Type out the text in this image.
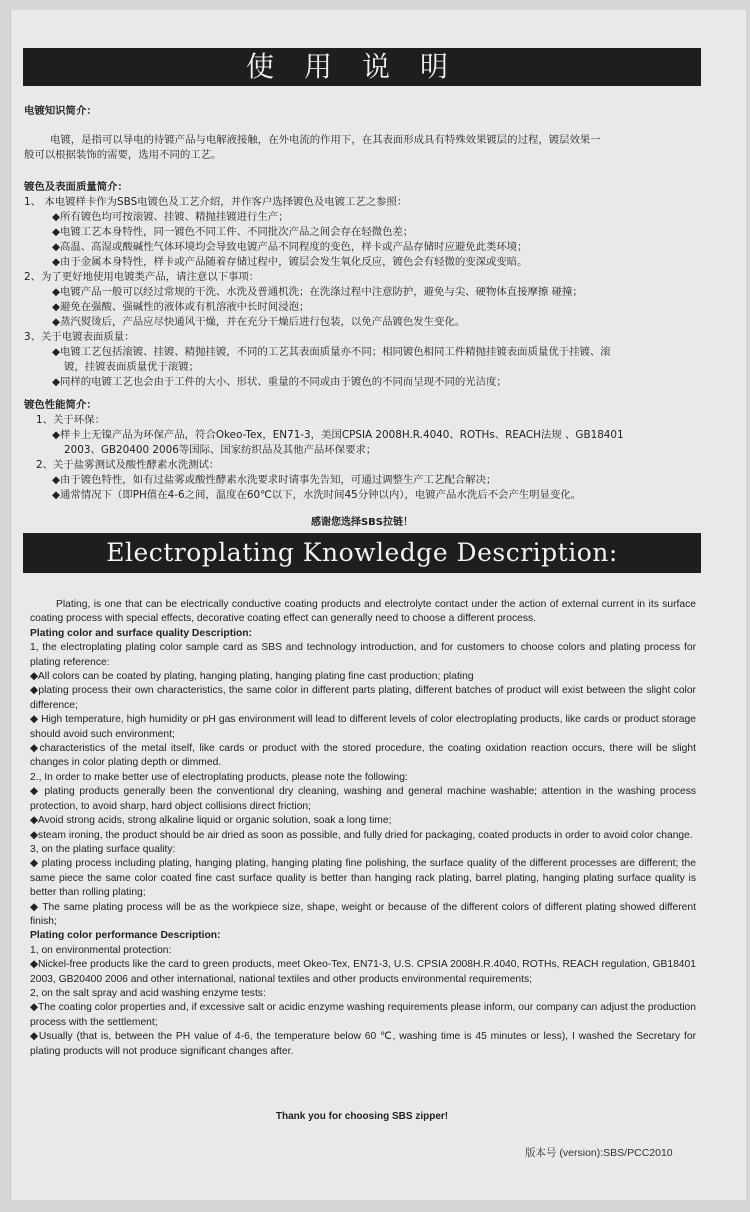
使用说明

电镀知识简介：

电镀，是指可以导电的待镀产品与电解液接触，在外电流的作用下，在其表面形成具有特殊效果镀层的过程，镀层效果一

般可以根据装饰的需要，选用不同的工艺。

镀色及表面质量简介：

1、 本电镀样卡作为SBS电镀色及工艺介绍，并作客户选择镀色及电镀工艺之参照：

◆所有镀色均可按滚镀、挂镀、精抛挂镀进行生产；

◆电镀工艺本身特性，同一镀色不同工件、不同批次产品之间会存在轻微色差；

◆高温、高湿或酸碱性气体环境均会导致电镀产品不同程度的变色，样卡或产品存储时应避免此类环境；

◆由于金属本身特性，样卡或产品随着存储过程中，镀层会发生氧化反应，镀色会有轻微的变深或变暗。

2、为了更好地使用电镀类产品，请注意以下事项：

◆电镀产品一般可以经过常规的干洗、水洗及普通机洗；在洗涤过程中注意防护，避免与尖、硬物体直接摩擦 碰撞；

◆避免在强酸、强碱性的液体或有机溶液中长时间浸泡；

◆蒸汽熨烫后，产品应尽快通风干燥，并在充分干燥后进行包装，以免产品镀色发生变化。

3、关于电镀表面质量：

◆电镀工艺包括滚镀、挂镀、精抛挂镀，不同的工艺其表面质量亦不同；相同镀色相同工件精抛挂镀表面质量优于挂镀、滚

镀，挂镀表面质量优于滚镀；

◆同样的电镀工艺也会由于工件的大小、形状、重量的不同或由于镀色的不同而呈现不同的光洁度；

镀色性能简介：

1、关于环保：

◆样卡上无镍产品为环保产品，符合Okeo-Tex，EN71-3，美国CPSIA 2008H.R.4040、ROTHs、REACH法规 、GB18401

2003、GB20400 2006等国际、国家纺织品及其他产品环保要求；

2、关于盐雾测试及酸性酵素水洗测试：

◆由于镀色特性，如有过盐雾或酸性酵素水洗要求时请事先告知，可通过调整生产工艺配合解决；

◆通常情况下（即PH值在4-6之间，温度在60℃以下，水洗时间45分钟以内），电镀产品水洗后不会产生明显变化。

感谢您选择SBS拉链！
Electroplating Knowledge Description:

Plating, is one that can be electrically conductive coating products and electrolyte contact under the action of external current in its surface coating process with special effects, decorative coating effect can generally need to choose a different process.

Plating color and surface quality Description:

1, the electroplating plating color sample card as SBS and technology introduction, and for customers to choose colors and plating process for plating reference:

◆All colors can be coated by plating, hanging plating, hanging plating fine cast production; plating

◆plating process their own characteristics, the same color in different parts plating, different batches of product will exist between the slight color difference;

◆ High temperature, high humidity or pH gas environment will lead to different levels of color electroplating products, like cards or product storage should avoid such environment;

◆characteristics of the metal itself, like cards or product with the stored procedure, the coating oxidation reaction occurs, there will be slight changes in color plating depth or dimmed.

2., In order to make better use of electroplating products, please note the following:

◆ plating products generally been the conventional dry cleaning, washing and general machine washable; attention in the washing process protection, to avoid sharp, hard object collisions direct friction;

◆Avoid strong acids, strong alkaline liquid or organic solution, soak a long time;

◆steam ironing, the product should be air dried as soon as possible, and fully dried for packaging, coated products in order to avoid color change.

3, on the plating surface quality:

◆ plating process including plating, hanging plating, hanging plating fine polishing, the surface quality of the different processes are different; the same piece the same color coated fine cast surface quality is better than hanging rack plating, barrel plating, hanging plating surface quality is better than rolling plating;

◆ The same plating process will be as the workpiece size, shape, weight or because of the different colors of different plating showed different finish;

Plating color performance Description:

1, on environmental protection:

◆Nickel-free products like the card to green products, meet Okeo-Tex, EN71-3, U.S. CPSIA 2008H.R.4040, ROTHs, REACH regulation, GB18401 2003, GB20400 2006 and other international, national textiles and other products environmental requirements;

2, on the salt spray and acid washing enzyme tests:

◆The coating color properties and, if excessive salt or acidic enzyme washing requirements please inform, our company can adjust the production process with the settlement;

◆Usually (that is, between the PH value of 4-6, the temperature below 60 ℃, washing time is 45 minutes or less), I washed the Secretary for plating products will not produce significant changes after.

Thank you for choosing SBS zipper!
版本号 (version):SBS/PCC2010
